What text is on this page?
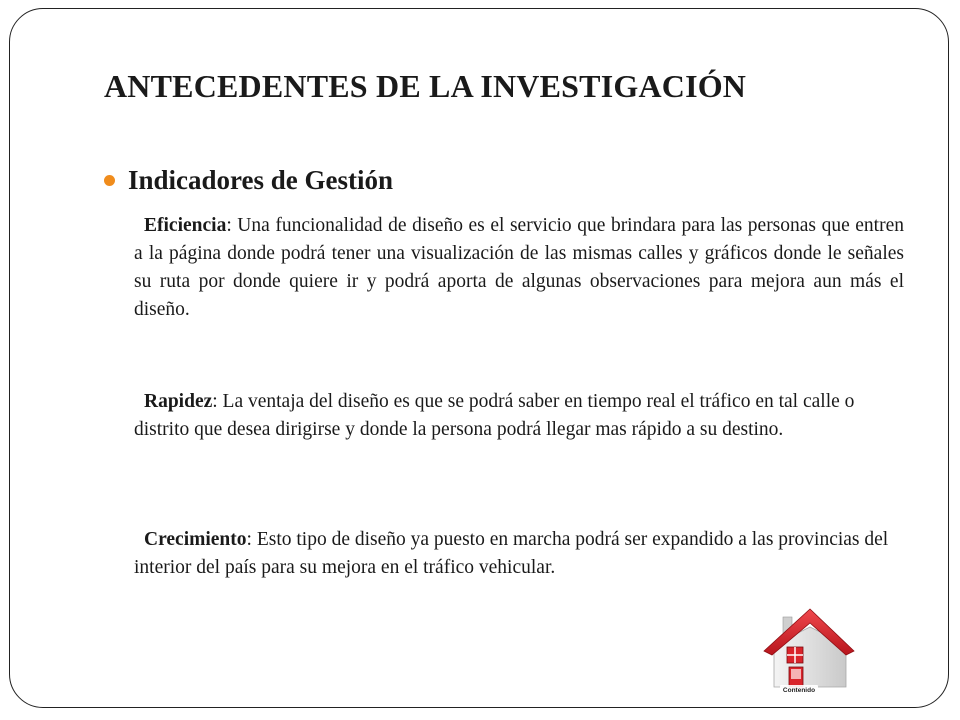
ANTECEDENTES DE LA INVESTIGACIÓN
Indicadores de Gestión

Eficiencia: Una funcionalidad de diseño es el servicio que brindara para las personas que entren a la página donde podrá tener una visualización de las mismas calles y gráficos donde le señales su ruta por donde quiere ir y podrá aporta de algunas observaciones para mejora aun más el diseño.

Rapidez: La ventaja del diseño es que se podrá saber en tiempo real el tráfico en tal calle o distrito que desea dirigirse y donde la persona podrá llegar mas rápido a su destino.

Crecimiento: Esto tipo de diseño ya puesto en marcha podrá ser expandido a las provincias del interior del país para su mejora en el tráfico vehicular.

Contenido
